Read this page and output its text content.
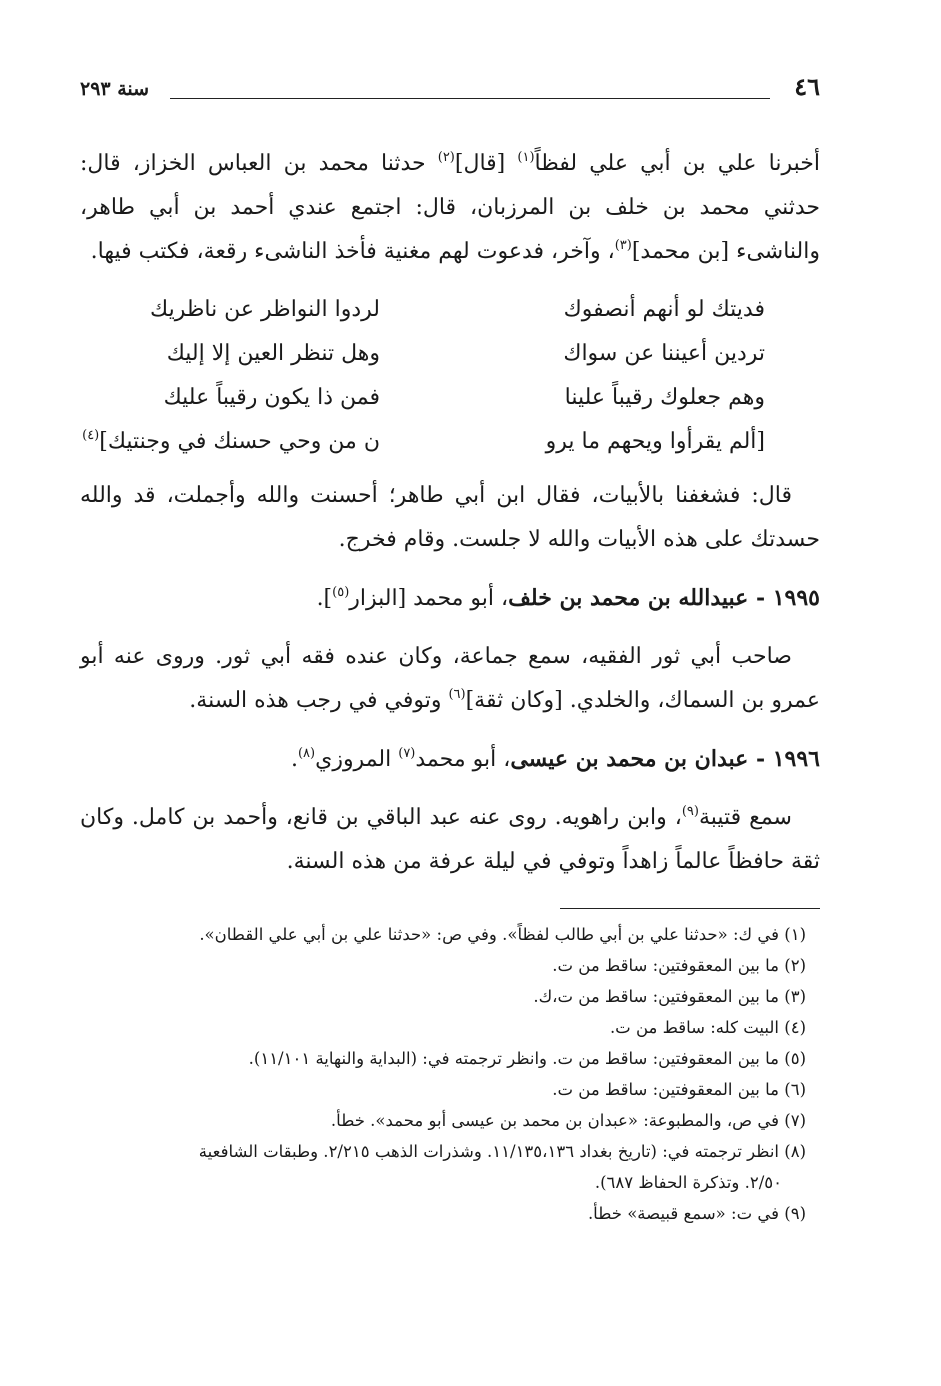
٤٦
سنة ٢٩٣

أخبرنا علي بن أبي علي لفظاً$^{(١)}$ [قال]$^{(٢)}$ حدثنا محمد بن العباس الخزاز، قال: حدثني محمد بن خلف بن المرزبان، قال: اجتمع عندي أحمد بن أبي طاهر، والناشىء [بن محمد]$^{(٣)}$، وآخر، فدعوت لهم مغنية فأخذ الناشىء رقعة، فكتب فيها.

فديتك لو أنهم أنصفوك
لردوا النواظر عن ناظريك
تردين أعيننا عن سواك
وهل تنظر العين إلا إليك
وهم جعلوك رقيباً علينا
فمن ذا يكون رقيباً عليك
[ألم يقرأوا ويحهم ما يرو
ن من وحي حسنك في وجنتيك]$^{(٤)}$

قال: فشغفنا بالأبيات، فقال ابن أبي طاهر؛ أحسنت والله وأجملت، قد والله حسدتك على هذه الأبيات والله لا جلست. وقام فخرج.

١٩٩٥ - عبيدالله بن محمد بن خلف، أبو محمد [البزار$^{(٥)}$].

صاحب أبي ثور الفقيه، سمع جماعة، وكان عنده فقه أبي ثور. وروى عنه أبو عمرو بن السماك، والخلدي. [وكان ثقة]$^{(٦)}$ وتوفي في رجب هذه السنة.

١٩٩٦ - عبدان بن محمد بن عيسى، أبو محمد$^{(٧)}$ المروزي$^{(٨)}$.

سمع قتيبة$^{(٩)}$، وابن راهويه. روى عنه عبد الباقي بن قانع، وأحمد بن كامل. وكان ثقة حافظاً عالماً زاهداً وتوفي في ليلة عرفة من هذه السنة.

(١) في ك: «حدثنا علي بن أبي طالب لفظاً». وفي ص: «حدثنا علي بن أبي علي القطان».

(٢) ما بين المعقوفتين: ساقط من ت.

(٣) ما بين المعقوفتين: ساقط من ت،ك.

(٤) البيت كله: ساقط من ت.

(٥) ما بين المعقوفتين: ساقط من ت. وانظر ترجمته في: (البداية والنهاية ١١/١٠١).

(٦) ما بين المعقوفتين: ساقط من ت.

(٧) في ص، والمطبوعة: «عبدان بن محمد بن عيسى أبو محمد». خطأ.

(٨) انظر ترجمته في: (تاريخ بغداد ١١/١٣٥،١٣٦. وشذرات الذهب ٢/٢١٥. وطبقات الشافعية
٢/٥٠. وتذكرة الحفاظ ٦٨٧).

(٩) في ت: «سمع قبيصة» خطأ.
